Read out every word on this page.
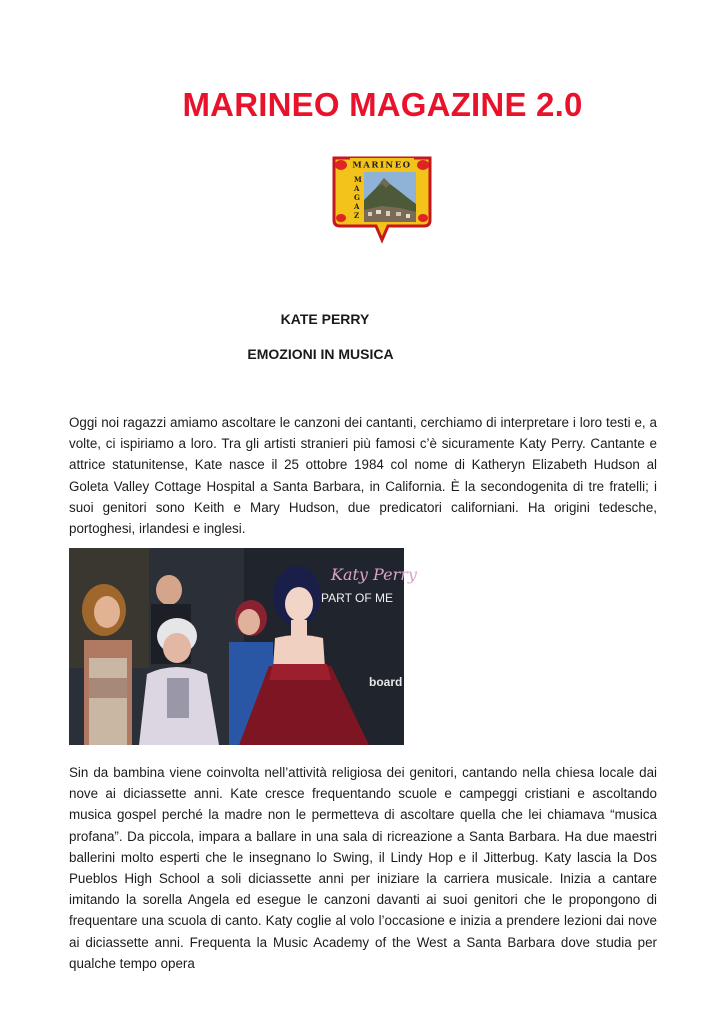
MARINEO MAGAZINE 2.0
MARINEO
M
A
G
A
Z
KATE PERRY
EMOZIONI IN MUSICA
Oggi noi ragazzi amiamo ascoltare le canzoni dei cantanti, cerchiamo di interpretare i loro testi e, a volte, ci ispiriamo a loro. Tra gli artisti stranieri più famosi c’è sicuramente Katy Perry. Cantante e attrice statunitense, Kate nasce il 25 ottobre 1984 col nome di Katheryn Elizabeth Hudson al Goleta Valley Cottage Hospital a Santa Barbara, in California. È la secondogenita di tre fratelli; i suoi genitori sono Keith e Mary Hudson, due predicatori californiani. Ha origini tedesche, portoghesi, irlandesi e inglesi.
Katy Perry
PART OF ME
board
Sin da bambina viene coinvolta nell’attività religiosa dei genitori, cantando nella chiesa locale dai nove ai diciassette anni. Kate cresce frequentando scuole e campeggi cristiani e ascoltando musica gospel perché la madre non le permetteva di ascoltare quella che lei chiamava “musica profana”. Da piccola, impara a ballare in una sala di ricreazione a Santa Barbara. Ha due maestri ballerini molto esperti che le insegnano lo Swing, il Lindy Hop e il Jitterbug. Katy lascia la Dos Pueblos High School a soli diciassette anni per iniziare la carriera musicale. Inizia a cantare imitando la sorella Angela ed esegue le canzoni davanti ai suoi genitori che le propongono di frequentare una scuola di canto. Katy coglie al volo l’occasione e inizia a prendere lezioni dai nove ai diciassette anni. Frequenta la Music Academy of the West a Santa Barbara dove studia per qualche tempo opera
